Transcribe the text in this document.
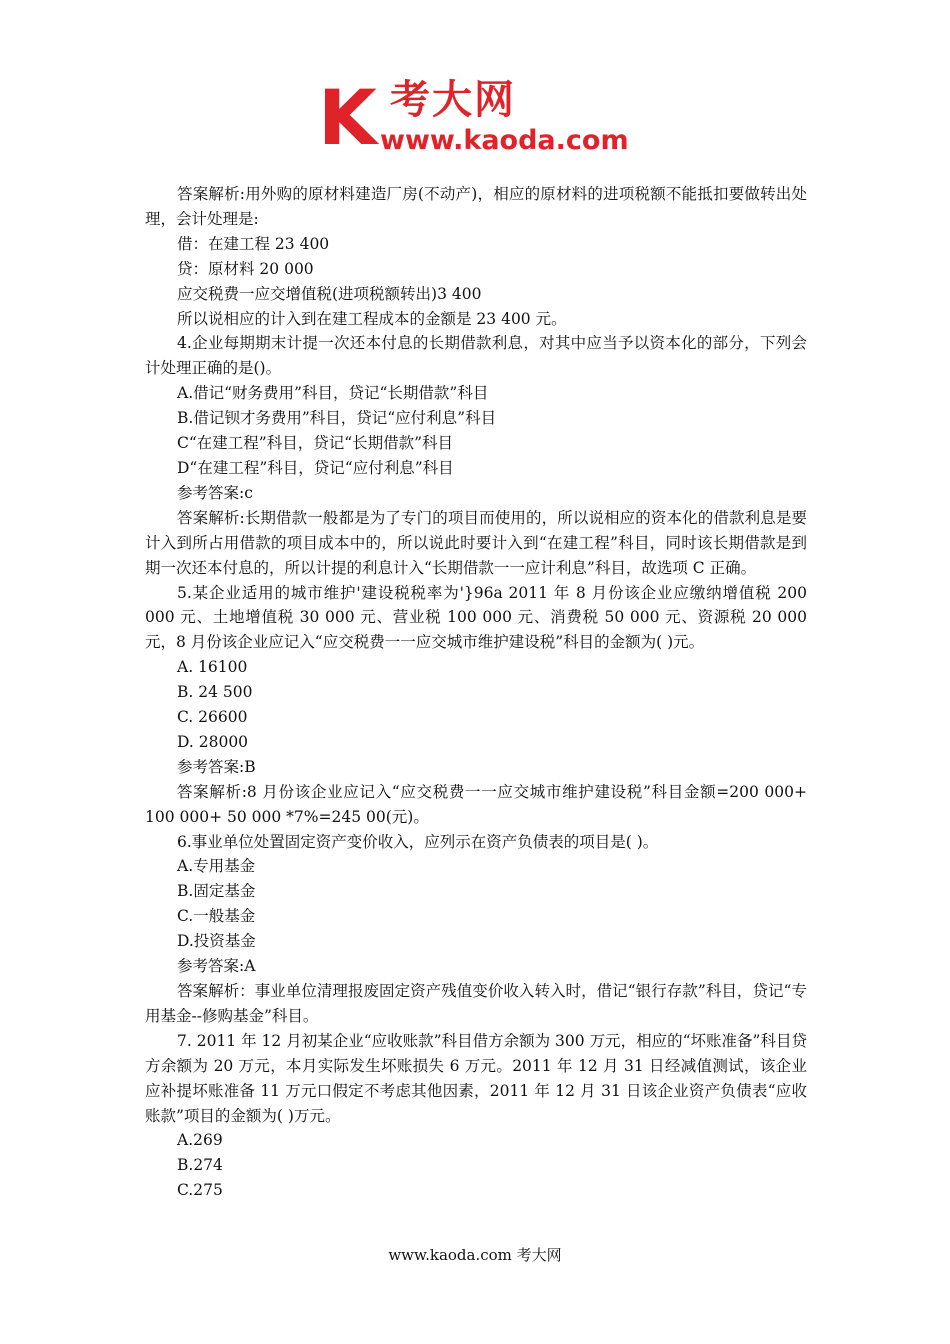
K 考大网
www.kaoda.com

答案解析:用外购的原材料建造厂房(不动产)，相应的原材料的进项税额不能抵扣要做转出处理，会计处理是:

借：在建工程 23 400

贷：原材料 20 000

应交税费一应交增值税(进项税额转出)3 400

所以说相应的计入到在建工程成本的金额是 23 400 元。

4.企业每期期末计提一次还本付息的长期借款利息，对其中应当予以资本化的部分，下列会计处理正确的是()。

A.借记“财务费用”科目，贷记“长期借款”科目

B.借记钡才务费用”科目，贷记“应付利息”科目

C“在建工程”科目，贷记“长期借款”科目

D“在建工程”科目，贷记“应付利息”科目

参考答案:c

答案解析:长期借款一般都是为了专门的项目而使用的，所以说相应的资本化的借款利息是要计入到所占用借款的项目成本中的，所以说此时要计入到“在建工程”科目，同时该长期借款是到期一次还本付息的，所以计提的利息计入“长期借款一一应计利息”科目，故选项 C 正确。

5.某企业适用的城市维护'建设税税率为'}96a 2011 年 8 月份该企业应缴纳增值税 200 000 元、土地增值税 30 000 元、营业税 100 000 元、消费税 50 000 元、资源税 20 000 元，8 月份该企业应记入“应交税费一一应交城市维护建设税”科目的金额为( )元。

A. 16100

B. 24 500

C. 26600

D. 28000

参考答案:B

答案解析:8 月份该企业应记入“应交税费一一应交城市维护建设税”科目金额=200 000+ 100 000+ 50 000 *7%=245 00(元)。

6.事业单位处置固定资产变价收入，应列示在资产负债表的项目是( )。

A.专用基金

B.固定基金

C.一般基金

D.投资基金

参考答案:A

答案解析：事业单位清理报废固定资产残值变价收入转入时，借记“银行存款”科目，贷记“专用基金--修购基金”科目。

7. 2011 年 12 月初某企业“应收账款”科目借方余额为 300 万元，相应的“坏账准备”科目贷方余额为 20 万元，本月实际发生坏账损失 6 万元。2011 年 12 月 31 日经减值测试，该企业应补提坏账准备 11 万元口假定不考虑其他因素，2011 年 12 月 31 日该企业资产负债表“应收账款”项目的金额为( )万元。

A.269

B.274

C.275

www.kaoda.com 考大网
